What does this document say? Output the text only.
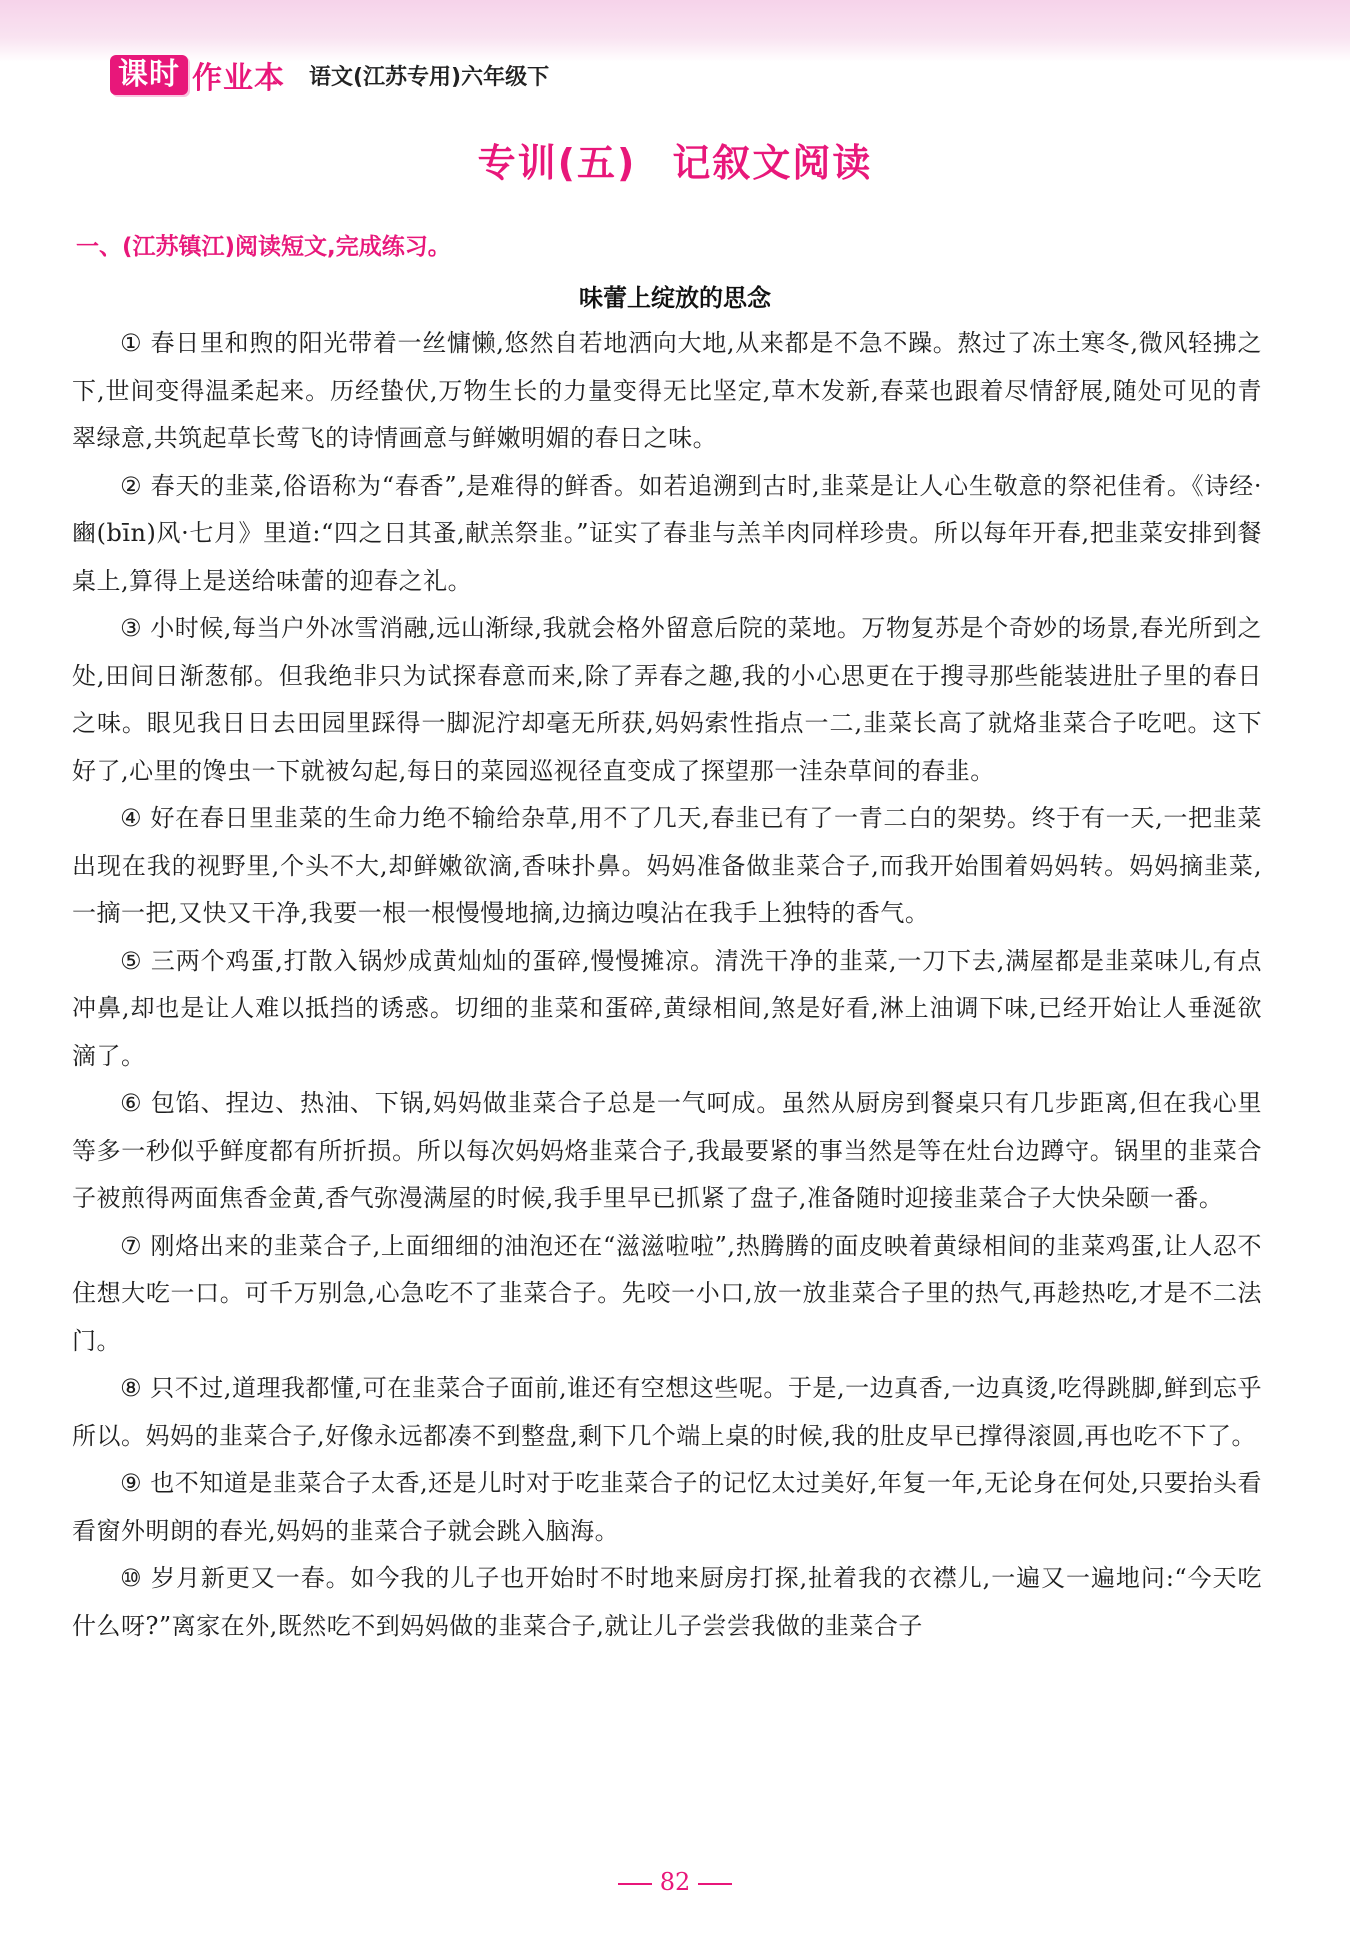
课时 作业本 语文(江苏专用)六年级下
专训(五) 记叙文阅读
一、(江苏镇江)阅读短文,完成练习。
味蕾上绽放的思念

① 春日里和煦的阳光带着一丝慵懒,悠然自若地洒向大地,从来都是不急不躁。熬过了冻土寒冬,微风轻拂之下,世间变得温柔起来。历经蛰伏,万物生长的力量变得无比坚定,草木发新,春菜也跟着尽情舒展,随处可见的青翠绿意,共筑起草长莺飞的诗情画意与鲜嫩明媚的春日之味。

② 春天的韭菜,俗语称为“春香”,是难得的鲜香。如若追溯到古时,韭菜是让人心生敬意的祭祀佳肴。《诗经·豳(bīn)风·七月》里道:“四之日其蚤,献羔祭韭。”证实了春韭与羔羊肉同样珍贵。所以每年开春,把韭菜安排到餐桌上,算得上是送给味蕾的迎春之礼。

③ 小时候,每当户外冰雪消融,远山渐绿,我就会格外留意后院的菜地。万物复苏是个奇妙的场景,春光所到之处,田间日渐葱郁。但我绝非只为试探春意而来,除了弄春之趣,我的小心思更在于搜寻那些能装进肚子里的春日之味。眼见我日日去田园里踩得一脚泥泞却毫无所获,妈妈索性指点一二,韭菜长高了就烙韭菜合子吃吧。这下好了,心里的馋虫一下就被勾起,每日的菜园巡视径直变成了探望那一洼杂草间的春韭。

④ 好在春日里韭菜的生命力绝不输给杂草,用不了几天,春韭已有了一青二白的架势。终于有一天,一把韭菜出现在我的视野里,个头不大,却鲜嫩欲滴,香味扑鼻。妈妈准备做韭菜合子,而我开始围着妈妈转。妈妈摘韭菜,一摘一把,又快又干净,我要一根一根慢慢地摘,边摘边嗅沾在我手上独特的香气。

⑤ 三两个鸡蛋,打散入锅炒成黄灿灿的蛋碎,慢慢摊凉。清洗干净的韭菜,一刀下去,满屋都是韭菜味儿,有点冲鼻,却也是让人难以抵挡的诱惑。切细的韭菜和蛋碎,黄绿相间,煞是好看,淋上油调下味,已经开始让人垂涎欲滴了。

⑥ 包馅、捏边、热油、下锅,妈妈做韭菜合子总是一气呵成。虽然从厨房到餐桌只有几步距离,但在我心里等多一秒似乎鲜度都有所折损。所以每次妈妈烙韭菜合子,我最要紧的事当然是等在灶台边蹲守。锅里的韭菜合子被煎得两面焦香金黄,香气弥漫满屋的时候,我手里早已抓紧了盘子,准备随时迎接韭菜合子大快朵颐一番。

⑦ 刚烙出来的韭菜合子,上面细细的油泡还在“滋滋啦啦”,热腾腾的面皮映着黄绿相间的韭菜鸡蛋,让人忍不住想大吃一口。可千万别急,心急吃不了韭菜合子。先咬一小口,放一放韭菜合子里的热气,再趁热吃,才是不二法门。

⑧ 只不过,道理我都懂,可在韭菜合子面前,谁还有空想这些呢。于是,一边真香,一边真烫,吃得跳脚,鲜到忘乎所以。妈妈的韭菜合子,好像永远都凑不到整盘,剩下几个端上桌的时候,我的肚皮早已撑得滚圆,再也吃不下了。

⑨ 也不知道是韭菜合子太香,还是儿时对于吃韭菜合子的记忆太过美好,年复一年,无论身在何处,只要抬头看看窗外明朗的春光,妈妈的韭菜合子就会跳入脑海。

⑩ 岁月新更又一春。如今我的儿子也开始时不时地来厨房打探,扯着我的衣襟儿,一遍又一遍地问:“今天吃什么呀?”离家在外,既然吃不到妈妈做的韭菜合子,就让儿子尝尝我做的韭菜合子

82
